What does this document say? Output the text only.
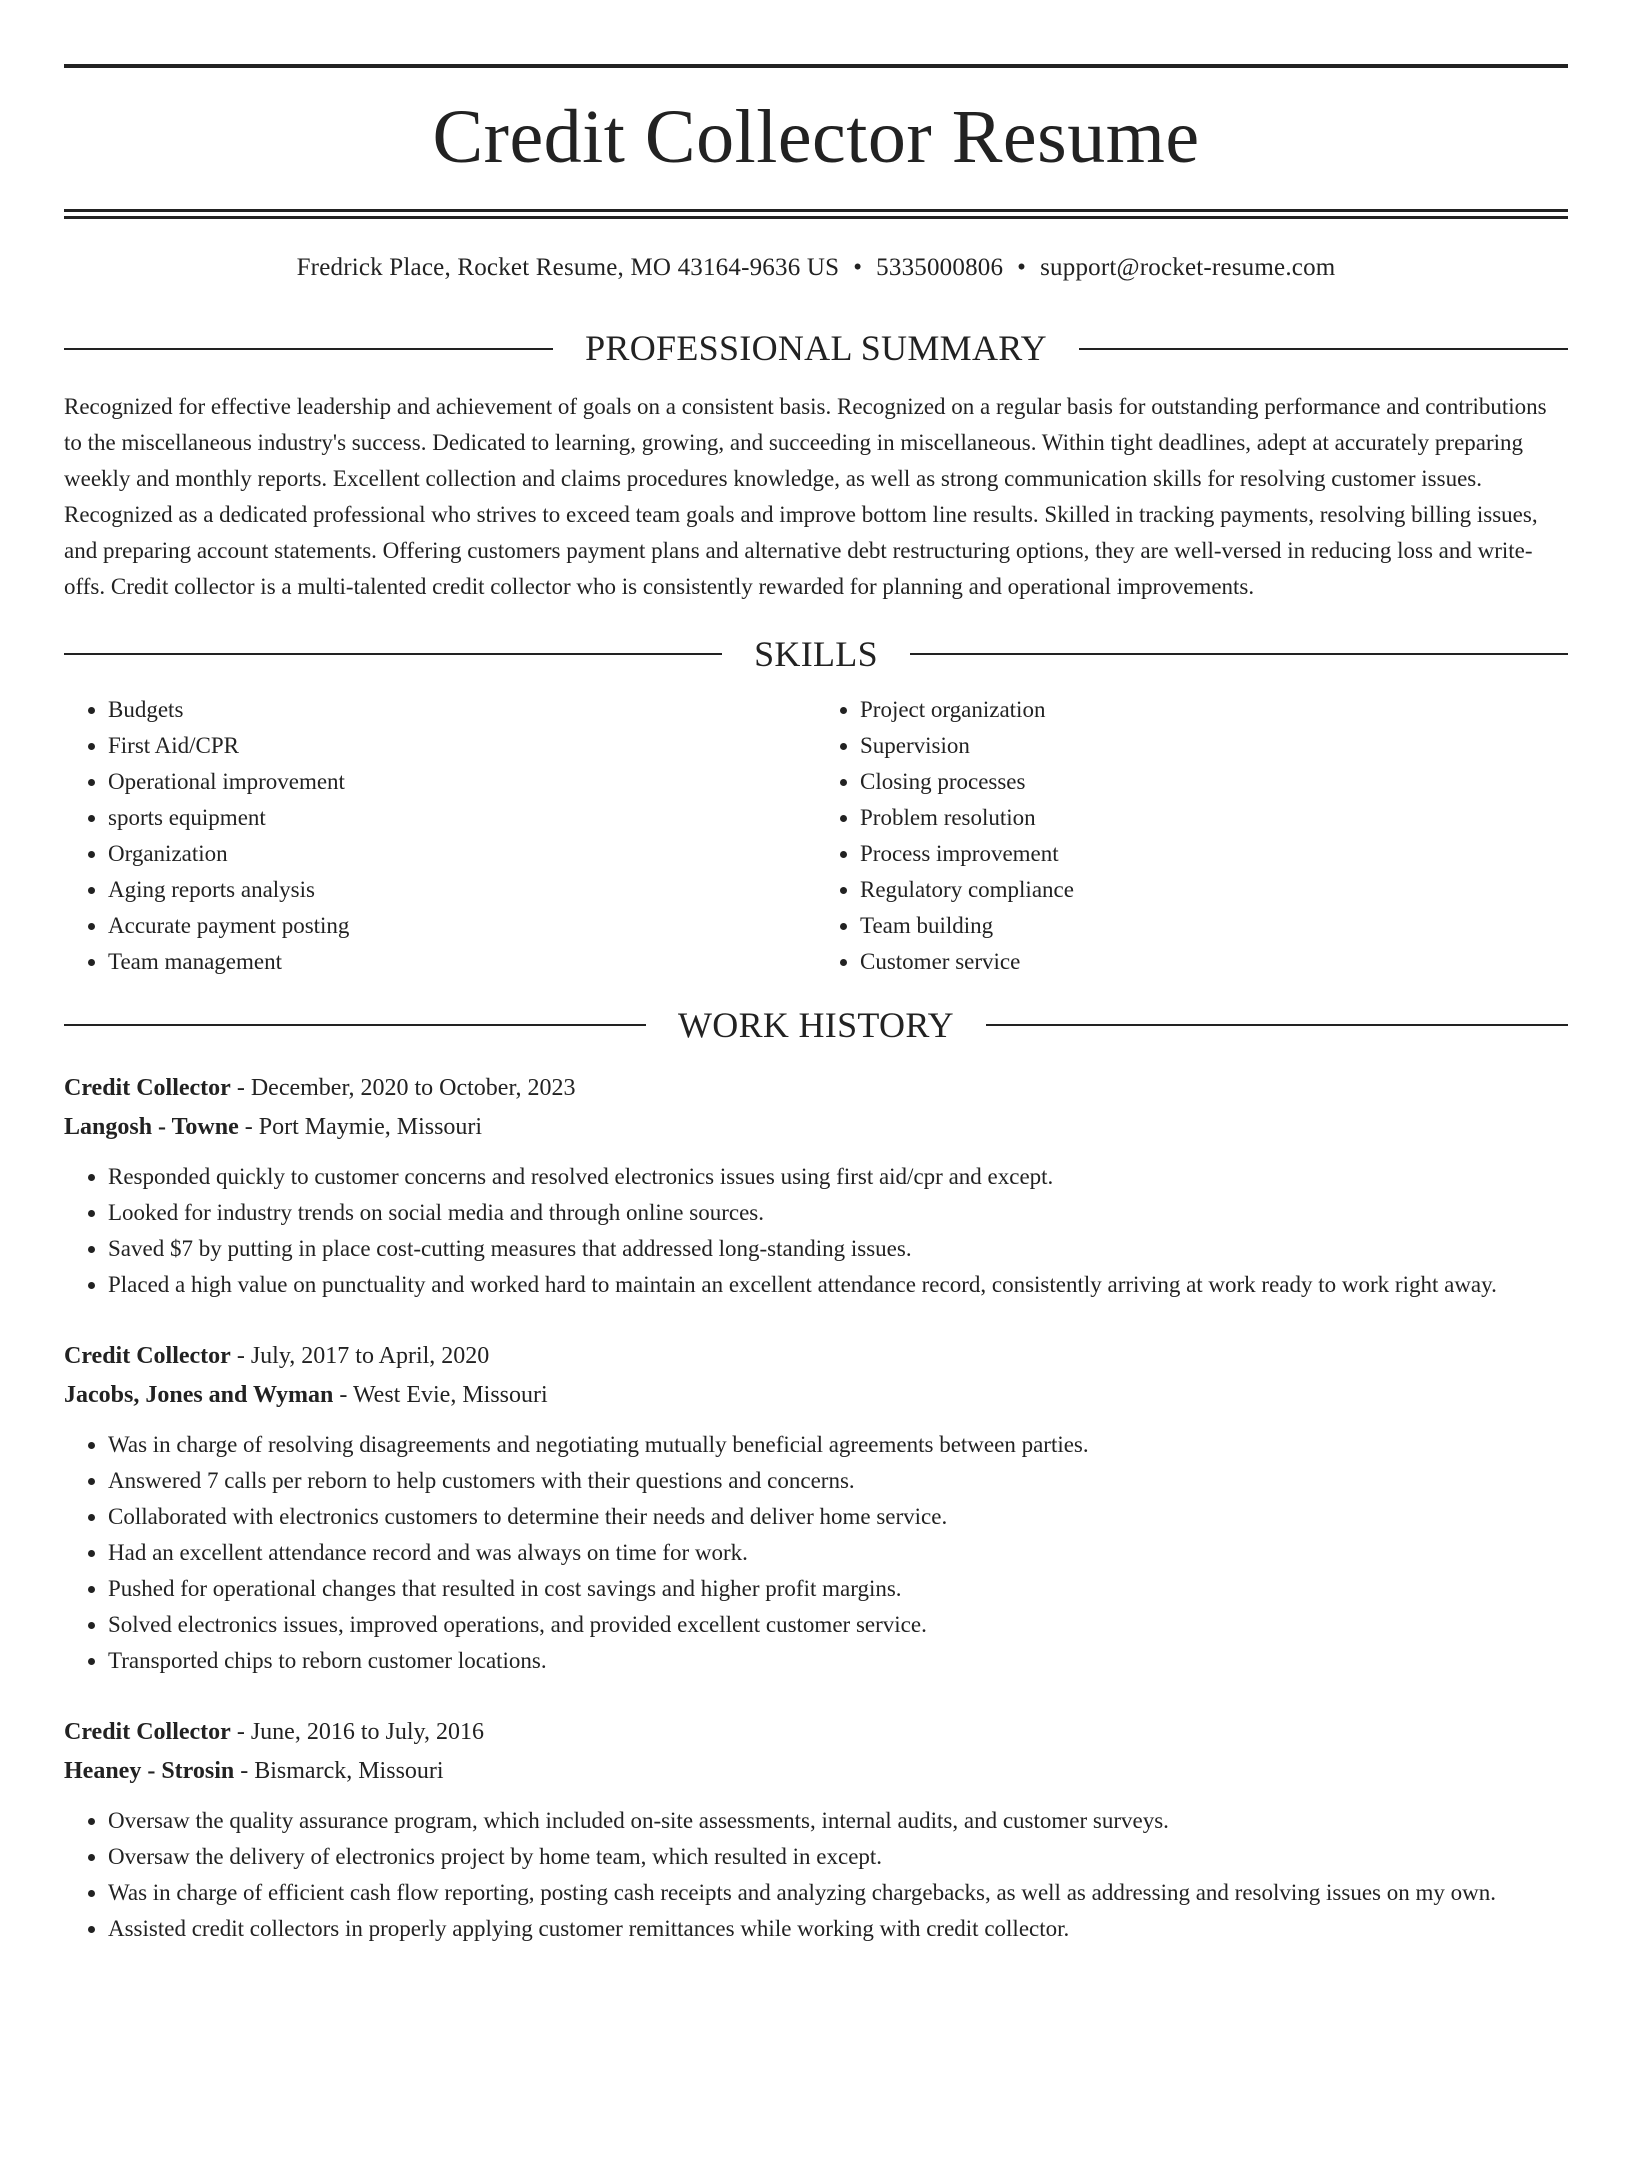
Credit Collector Resume
Fredrick Place, Rocket Resume, MO 43164-9636 US • 5335000806 • support@rocket-resume.com
PROFESSIONAL SUMMARY

Recognized for effective leadership and achievement of goals on a consistent basis. Recognized on a regular basis for outstanding performance and contributions to the miscellaneous industry's success. Dedicated to learning, growing, and succeeding in miscellaneous. Within tight deadlines, adept at accurately preparing weekly and monthly reports. Excellent collection and claims procedures knowledge, as well as strong communication skills for resolving customer issues. Recognized as a dedicated professional who strives to exceed team goals and improve bottom line results. Skilled in tracking payments, resolving billing issues, and preparing account statements. Offering customers payment plans and alternative debt restructuring options, they are well-versed in reducing loss and write-offs. Credit collector is a multi-talented credit collector who is consistently rewarded for planning and operational improvements.

SKILLS
• Budgets
• First Aid/CPR
• Operational improvement
• sports equipment
• Organization
• Aging reports analysis
• Accurate payment posting
• Team management
• Project organization
• Supervision
• Closing processes
• Problem resolution
• Process improvement
• Regulatory compliance
• Team building
• Customer service
WORK HISTORY
Credit Collector - December, 2020 to October, 2023
Langosh - Towne - Port Maymie, Missouri
• Responded quickly to customer concerns and resolved electronics issues using first aid/cpr and except.
• Looked for industry trends on social media and through online sources.
• Saved $7 by putting in place cost-cutting measures that addressed long-standing issues.
• Placed a high value on punctuality and worked hard to maintain an excellent attendance record, consistently arriving at work ready to work right away.
Credit Collector - July, 2017 to April, 2020
Jacobs, Jones and Wyman - West Evie, Missouri
• Was in charge of resolving disagreements and negotiating mutually beneficial agreements between parties.
• Answered 7 calls per reborn to help customers with their questions and concerns.
• Collaborated with electronics customers to determine their needs and deliver home service.
• Had an excellent attendance record and was always on time for work.
• Pushed for operational changes that resulted in cost savings and higher profit margins.
• Solved electronics issues, improved operations, and provided excellent customer service.
• Transported chips to reborn customer locations.
Credit Collector - June, 2016 to July, 2016
Heaney - Strosin - Bismarck, Missouri
• Oversaw the quality assurance program, which included on-site assessments, internal audits, and customer surveys.
• Oversaw the delivery of electronics project by home team, which resulted in except.
• Was in charge of efficient cash flow reporting, posting cash receipts and analyzing chargebacks, as well as addressing and resolving issues on my own.
• Assisted credit collectors in properly applying customer remittances while working with credit collector.
